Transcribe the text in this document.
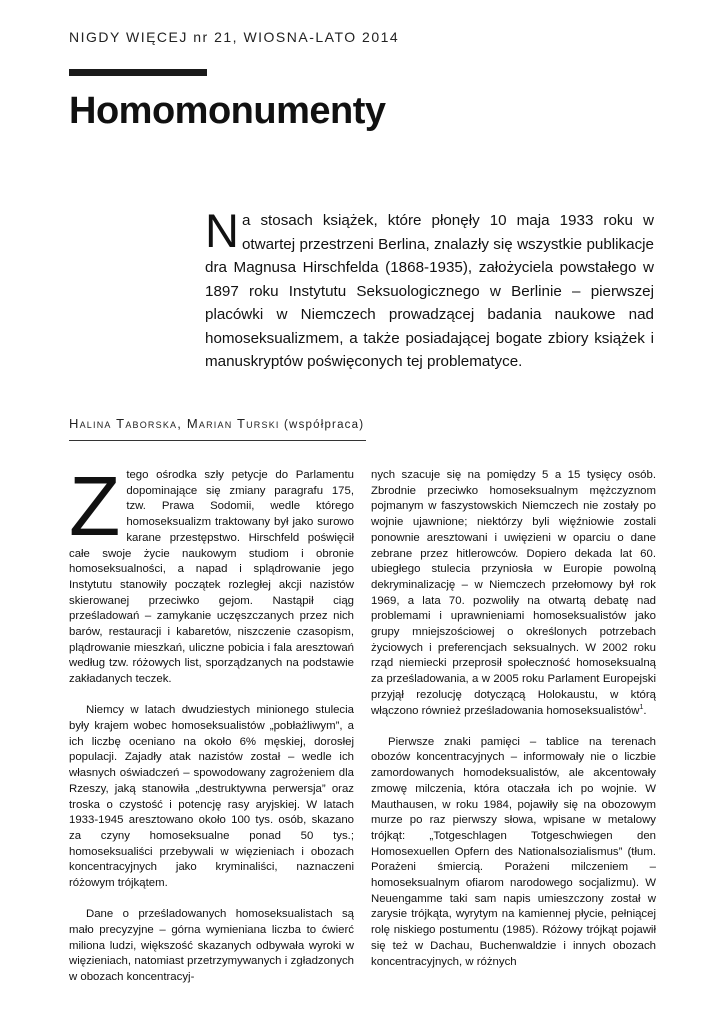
NIGDY WIĘCEJ nr 21, WIOSNA-LATO 2014
Homomonumenty
Na stosach książek, które płonęły 10 maja 1933 roku w otwartej przestrzeni Berlina, znalazły się wszystkie publikacje dra Magnusa Hirschfelda (1868-1935), założyciela powstałego w 1897 roku Instytutu Seksuologicznego w Berlinie – pierwszej placówki w Niemczech prowadzącej badania naukowe nad homoseksualizmem, a także posiadającej bogate zbiory książek i manuskryptów poświęconych tej problematyce.
Halina Taborska, Marian Turski (współpraca)

Ztego ośrodka szły petycje do Parlamentu dopominające się zmiany paragrafu 175, tzw. Prawa Sodomii, wedle którego homoseksualizm traktowany był jako surowo karane przestępstwo. Hirschfeld poświęcił całe swoje życie naukowym studiom i obronie homoseksualności, a napad i splądrowanie jego Instytutu stanowiły początek rozległej akcji nazistów skierowanej przeciwko gejom. Nastąpił ciąg prześladowań – zamykanie uczęszczanych przez nich barów, restauracji i kabaretów, niszczenie czasopism, plądrowanie mieszkań, uliczne pobicia i fala aresztowań według tzw. różowych list, sporządzanych na podstawie zakładanych teczek.

Niemcy w latach dwudziestych minionego stulecia były krajem wobec homoseksualistów „pobłażliwym”, a ich liczbę oceniano na około 6% męskiej, dorosłej populacji. Zajadły atak nazistów został – wedle ich własnych oświadczeń – spowodowany zagrożeniem dla Rzeszy, jaką stanowiła „destruktywna perwersja” oraz troska o czystość i potencję rasy aryjskiej. W latach 1933-1945 aresztowano około 100 tys. osób, skazano za czyny homoseksualne ponad 50 tys.; homoseksualiści przebywali w więzieniach i obozach koncentracyjnych jako kryminaliści, naznaczeni różowym trójkątem.

Dane o prześladowanych homoseksualistach są mało precyzyjne – górna wymieniana liczba to ćwierć miliona ludzi, większość skazanych odbywała wyroki w więzieniach, natomiast przetrzymywanych i zgładzonych w obozach koncentracyj-

nych szacuje się na pomiędzy 5 a 15 tysięcy osób. Zbrodnie przeciwko homoseksualnym mężczyznom pojmanym w faszystowskich Niemczech nie zostały po wojnie ujawnione; niektórzy byli więźniowie zostali ponownie aresztowani i uwięzieni w oparciu o dane zebrane przez hitlerowców. Dopiero dekada lat 60. ubiegłego stulecia przyniosła w Europie powolną dekryminalizację – w Niemczech przełomowy był rok 1969, a lata 70. pozwoliły na otwartą debatę nad problemami i uprawnieniami homoseksualistów jako grupy mniejszościowej o określonych potrzebach życiowych i preferencjach seksualnych. W 2002 roku rząd niemiecki przeprosił społeczność homoseksualną za prześladowania, a w 2005 roku Parlament Europejski przyjął rezolucję dotyczącą Holokaustu, w którą włączono również prześladowania homoseksualistów$^1$.

Pierwsze znaki pamięci – tablice na terenach obozów koncentracyjnych – informowały nie o liczbie zamordowanych homodeksualistów, ale akcentowały zmowę milczenia, która otaczała ich po wojnie. W Mauthausen, w roku 1984, pojawiły się na obozowym murze po raz pierwszy słowa, wpisane w metalowy trójkąt: „Totgeschlagen Totgeschwiegen den Homosexuellen Opfern des Nationalsozialismus” (tłum. Porażeni śmiercią. Porażeni milczeniem – homoseksualnym ofiarom narodowego socjalizmu). W Neuengamme taki sam napis umieszczony został w zarysie trójkąta, wyrytym na kamiennej płycie, pełniącej rolę niskiego postumentu (1985). Różowy trójkąt pojawił się też w Dachau, Buchenwaldzie i innych obozach koncentracyjnych, w różnych
